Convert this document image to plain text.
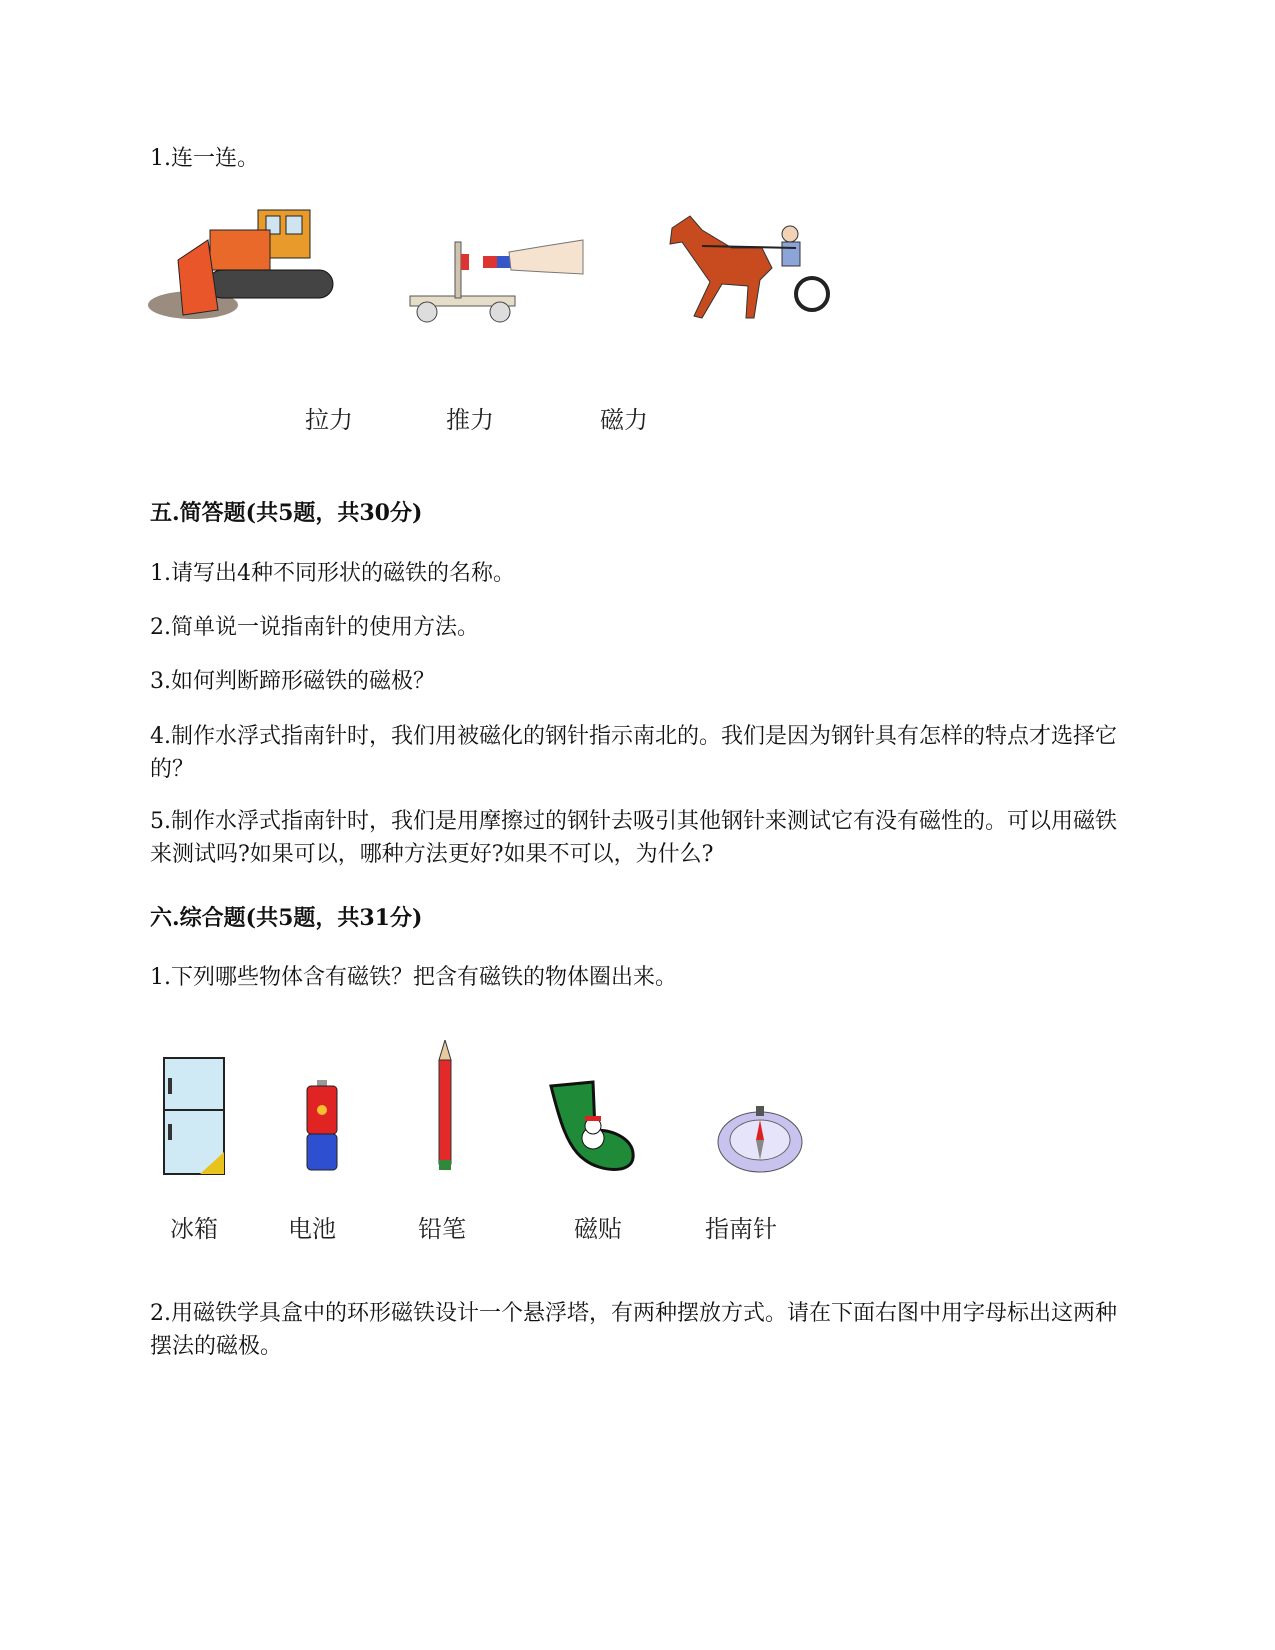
1.连一连。

拉力	推力	磁力
五.简答题(共5题，共30分)

1.请写出4种不同形状的磁铁的名称。

2.简单说一说指南针的使用方法。

3.如何判断蹄形磁铁的磁极？

4.制作水浮式指南针时，我们用被磁化的钢针指示南北的。我们是因为钢针具有怎样的特点才选择它的？

5.制作水浮式指南针时，我们是用摩擦过的钢针去吸引其他钢针来测试它有没有磁性的。可以用磁铁来测试吗?如果可以，哪种方法更好?如果不可以，为什么?

六.综合题(共5题，共31分)

1.下列哪些物体含有磁铁？把含有磁铁的物体圈出来。

冰箱	电池	铅笔	磁贴	指南针

2.用磁铁学具盒中的环形磁铁设计一个悬浮塔，有两种摆放方式。请在下面右图中用字母标出这两种摆法的磁极。
